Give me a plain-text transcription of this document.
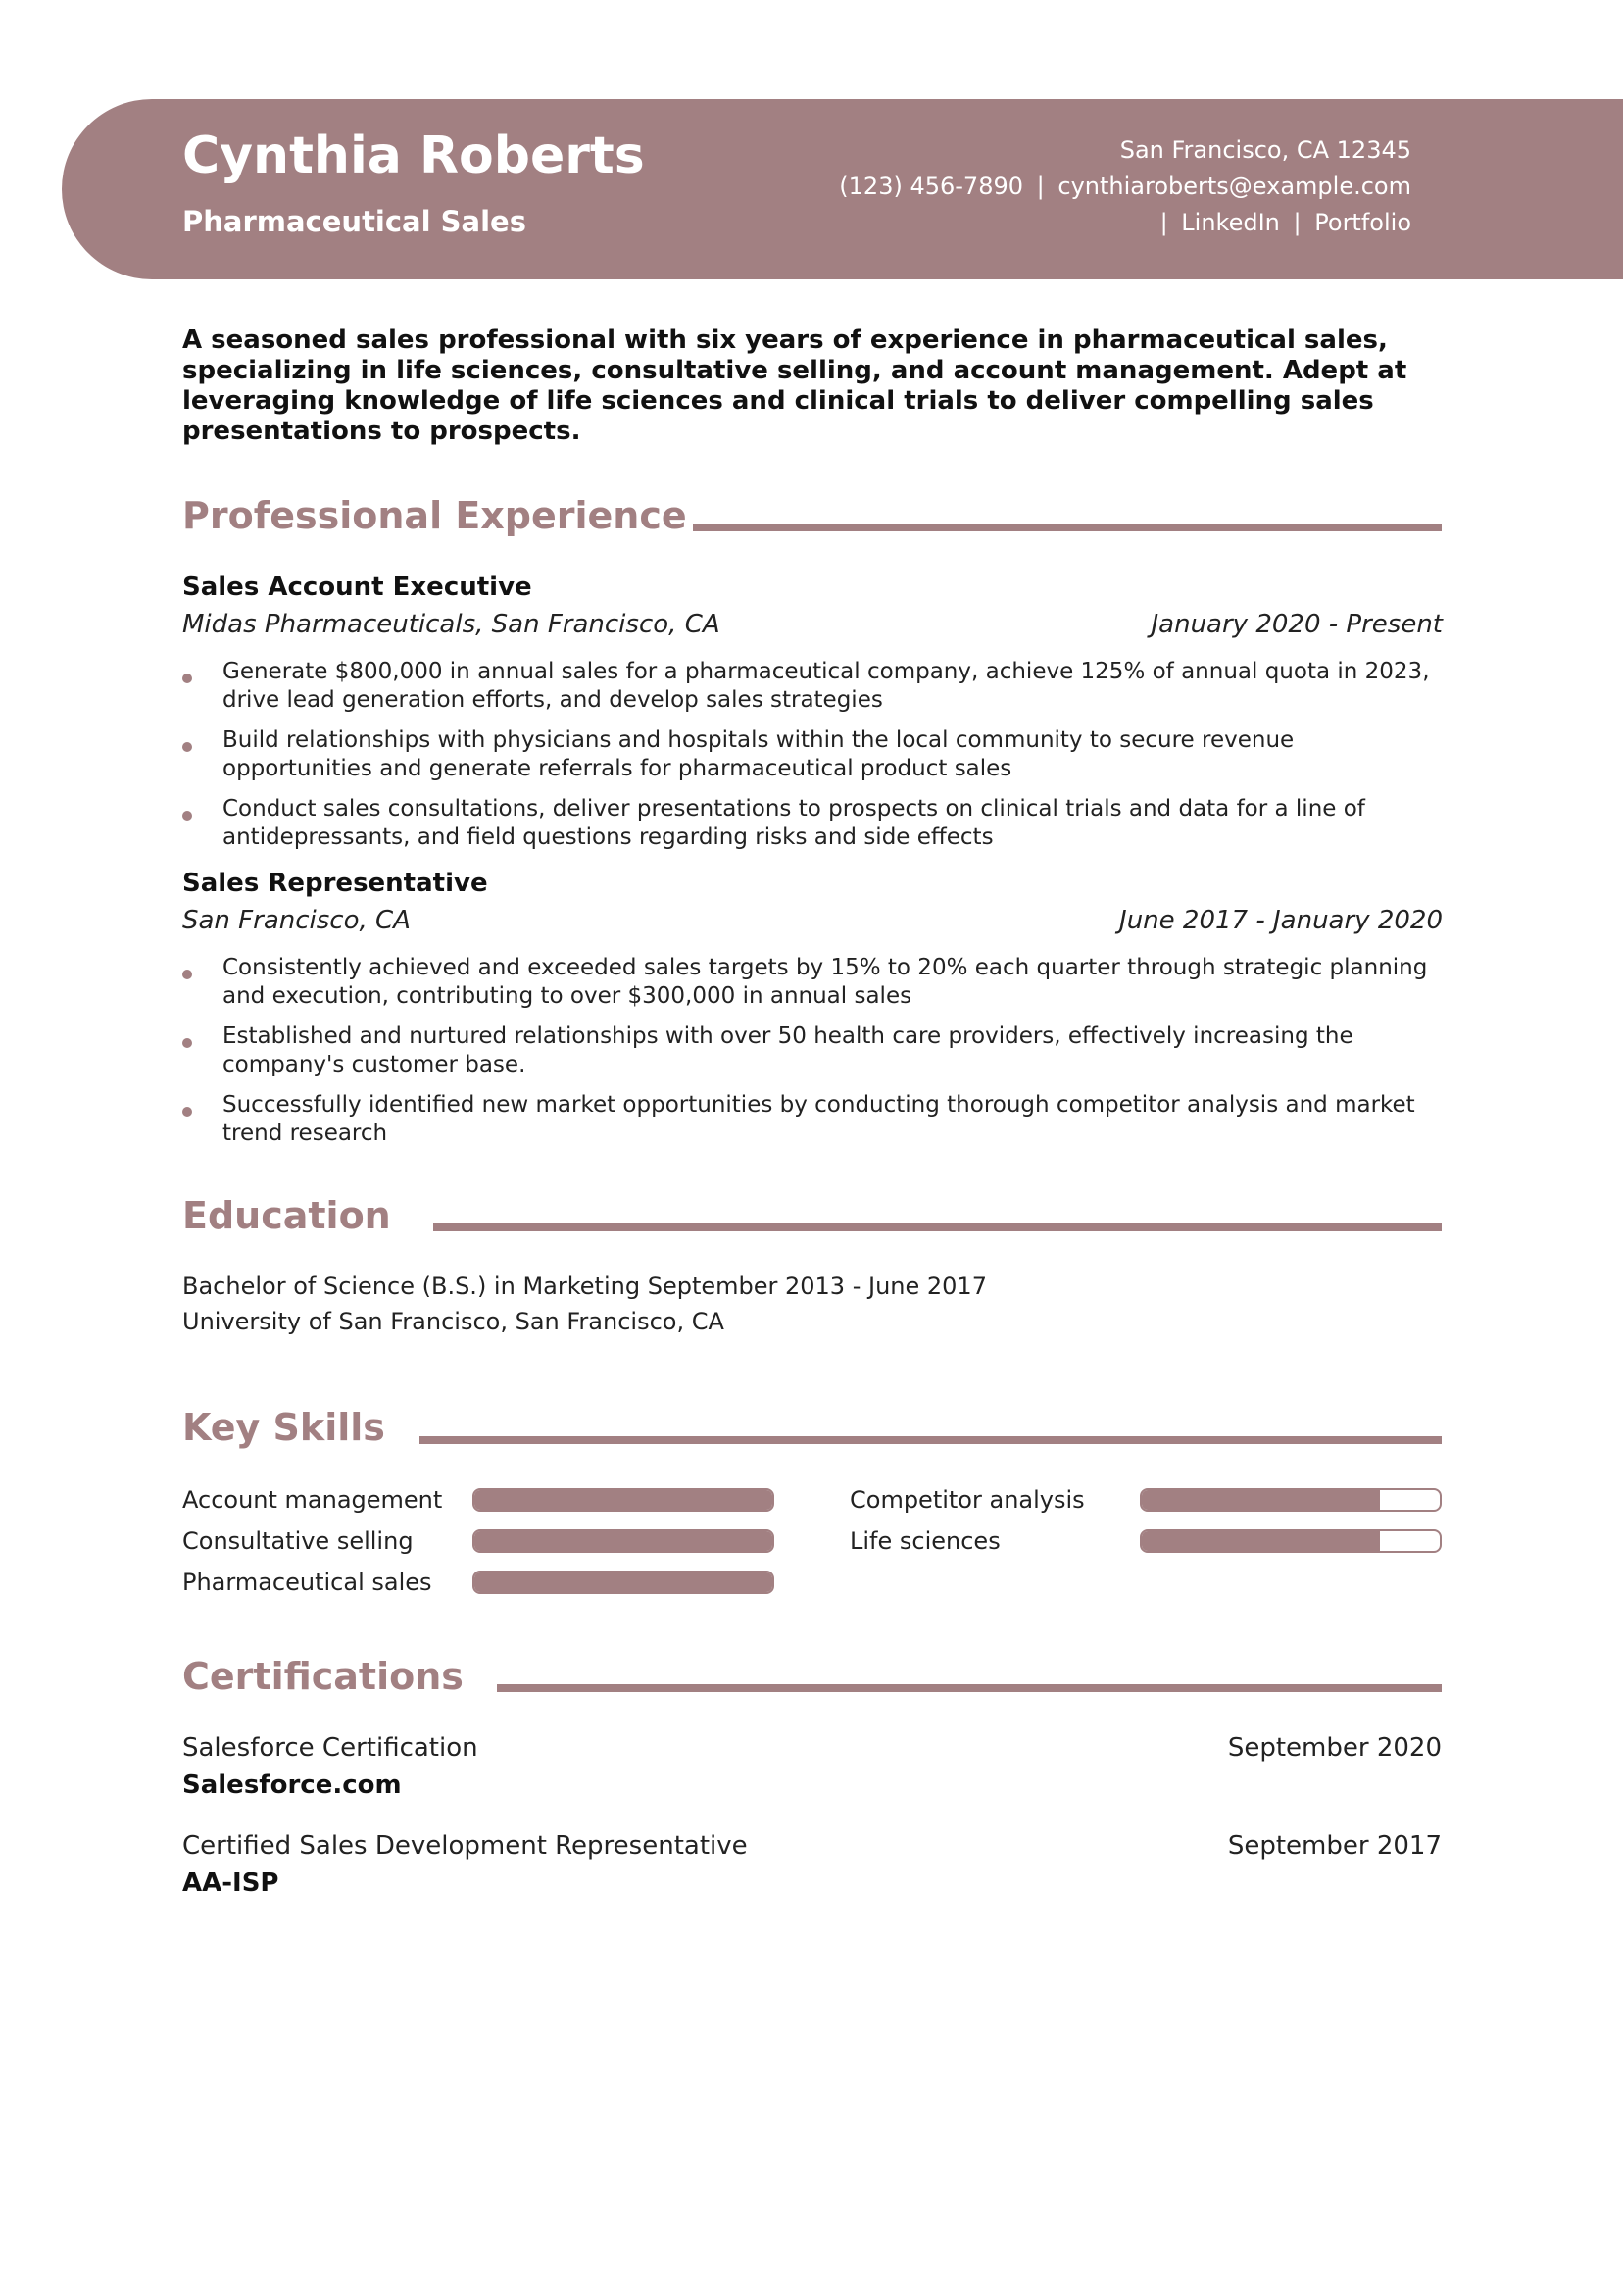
Cynthia Roberts
Pharmaceutical Sales
San Francisco, CA 12345
(123) 456-7890 | cynthiaroberts@example.com
| LinkedIn | Portfolio
A seasoned sales professional with six years of experience in pharmaceutical sales, specializing in life sciences, consultative selling, and account management. Adept at leveraging knowledge of life sciences and clinical trials to deliver compelling sales presentations to prospects.
Professional Experience
Sales Account Executive
Midas Pharmaceuticals, San Francisco, CA	January 2020 - Present
Generate $800,000 in annual sales for a pharmaceutical company, achieve 125% of annual quota in 2023, drive lead generation efforts, and develop sales strategies
Build relationships with physicians and hospitals within the local community to secure revenue opportunities and generate referrals for pharmaceutical product sales
Conduct sales consultations, deliver presentations to prospects on clinical trials and data for a line of antidepressants, and field questions regarding risks and side effects
Sales Representative
San Francisco, CA	June 2017 - January 2020
Consistently achieved and exceeded sales targets by 15% to 20% each quarter through strategic planning and execution, contributing to over $300,000 in annual sales
Established and nurtured relationships with over 50 health care providers, effectively increasing the company's customer base.
Successfully identified new market opportunities by conducting thorough competitor analysis and market trend research
Education
Bachelor of Science (B.S.) in Marketing September 2013 - June 2017
University of San Francisco, San Francisco, CA
Key Skills
Account management
Consultative selling
Pharmaceutical sales
Competitor analysis
Life sciences
Certifications
Salesforce Certification	September 2020
Salesforce.com
Certified Sales Development Representative	September 2017
AA-ISP
